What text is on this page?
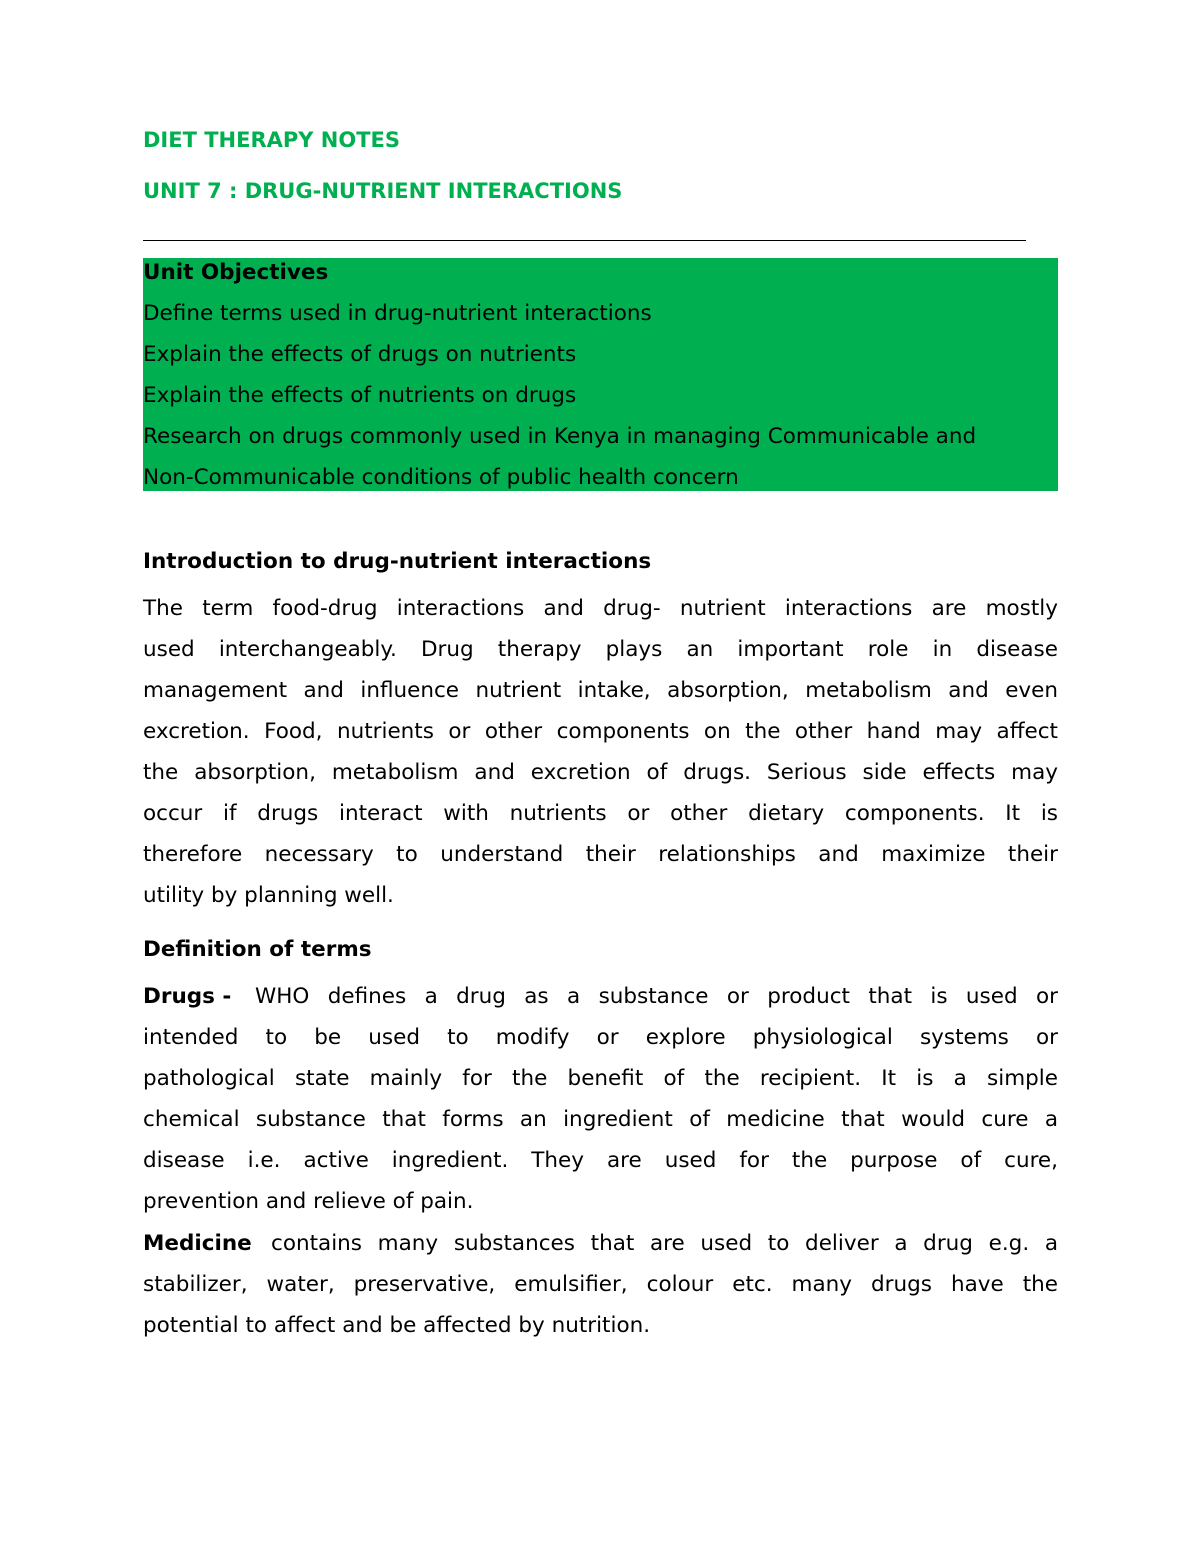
DIET THERAPY NOTES
UNIT 7 : DRUG-NUTRIENT INTERACTIONS
Unit Objectives
Define terms used in drug-nutrient interactions
Explain the effects of drugs on nutrients
Explain the effects of nutrients on drugs
Research on drugs commonly used in Kenya in managing Communicable and
Non-Communicable conditions of public health concern
Introduction to drug-nutrient interactions
The term food-drug interactions and drug- nutrient interactions are mostly
used interchangeably. Drug therapy plays an important role in disease
management and influence nutrient intake, absorption, metabolism and even
excretion. Food, nutrients or other components on the other hand may affect
the absorption, metabolism and excretion of drugs. Serious side effects may
occur if drugs interact with nutrients or other dietary components. It is
therefore necessary to understand their relationships and maximize their
utility by planning well.
Definition of terms
Drugs - WHO defines a drug as a substance or product that is used or
intended to be used to modify or explore physiological systems or
pathological state mainly for the benefit of the recipient. It is a simple
chemical substance that forms an ingredient of medicine that would cure a
disease i.e. active ingredient. They are used for the purpose of cure,
prevention and relieve of pain.
Medicine contains many substances that are used to deliver a drug e.g. a
stabilizer, water, preservative, emulsifier, colour etc. many drugs have the
potential to affect and be affected by nutrition.
